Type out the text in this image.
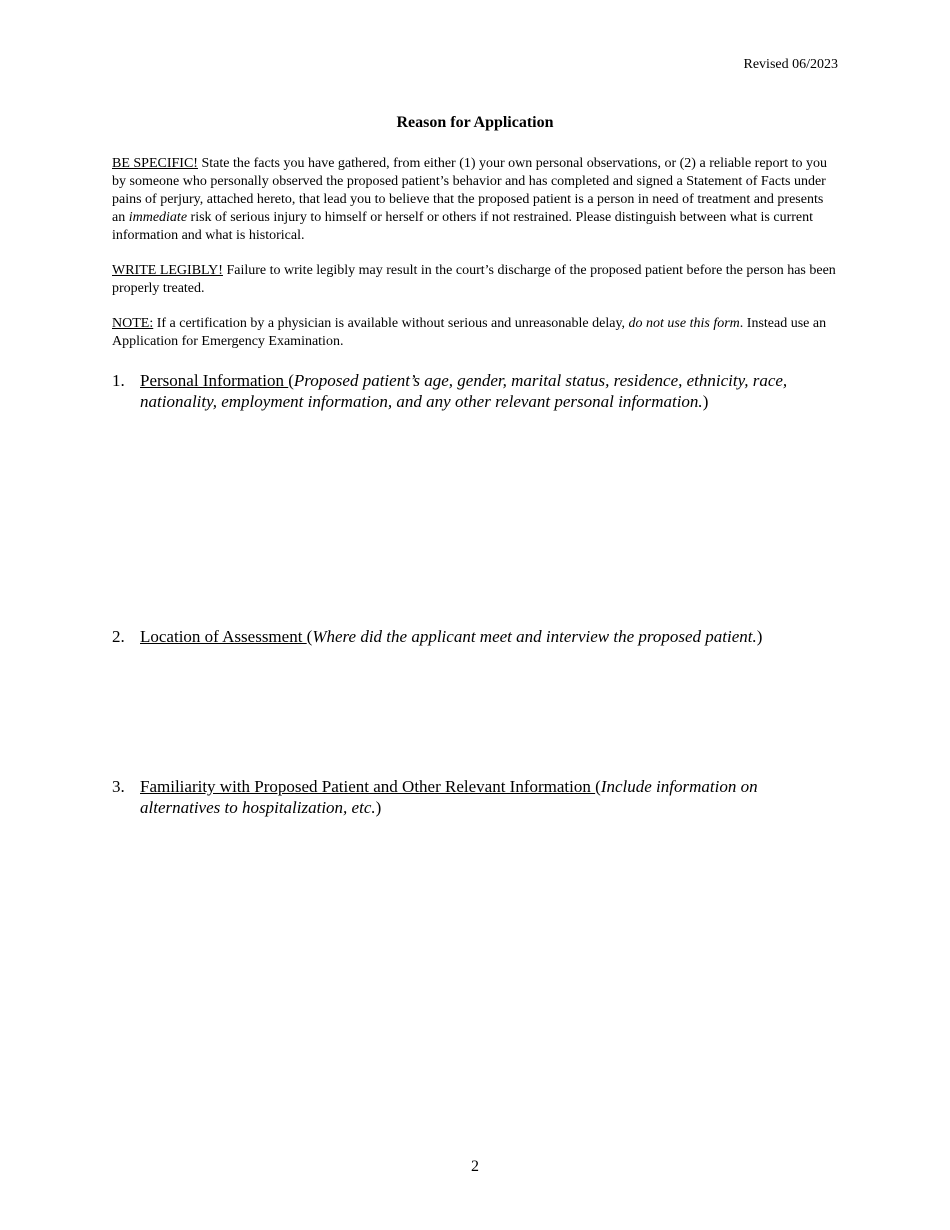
Revised 06/2023
Reason for Application
BE SPECIFIC! State the facts you have gathered, from either (1) your own personal observations, or (2) a reliable report to you by someone who personally observed the proposed patient’s behavior and has completed and signed a Statement of Facts under pains of perjury, attached hereto, that lead you to believe that the proposed patient is a person in need of treatment and presents an immediate risk of serious injury to himself or herself or others if not restrained. Please distinguish between what is current information and what is historical.
WRITE LEGIBLY! Failure to write legibly may result in the court’s discharge of the proposed patient before the person has been properly treated.
NOTE: If a certification by a physician is available without serious and unreasonable delay, do not use this form. Instead use an Application for Emergency Examination.
1. Personal Information (Proposed patient’s age, gender, marital status, residence, ethnicity, race, nationality, employment information, and any other relevant personal information.)
2. Location of Assessment (Where did the applicant meet and interview the proposed patient.)
3. Familiarity with Proposed Patient and Other Relevant Information (Include information on alternatives to hospitalization, etc.)
2
